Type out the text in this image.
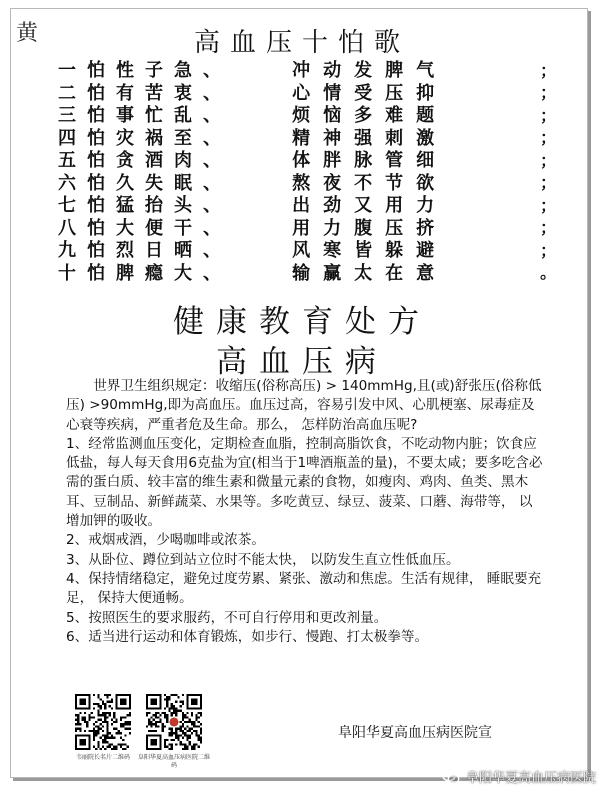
黄	高血压十怕歌
一怕性子急、	冲动发脾气	；
二怕有苦衷、	心情受压抑	；
三怕事忙乱、	烦恼多难题	；
四怕灾祸至、	精神强刺激	；
五怕贪酒肉、	体胖脉管细	；
六怕久失眠、	熬夜不节欲	；
七怕猛抬头、	出劲又用力	；
八怕大便干、	用力腹压挤	；
九怕烈日晒、	风寒皆躲避	；
十怕脾瘾大、	输赢太在意	。
健康教育处方
高血压病

世界卫生组织规定：收缩压(俗称高压) > 140mmHg,且(或)舒张压(俗称低压) >90mmHg,即为高血压。血压过高，容易引发中风、心肌梗塞、尿毒症及心衰等疾病，严重者危及生命。那么， 怎样防治高血压呢?

1、经常监测血压变化，定期检查血脂，控制高脂饮食，不吃动物内脏；饮食应低盐，每人每天食用6克盐为宜(相当于1啤酒瓶盖的量)，不要太咸；要多吃含必需的蛋白质、较丰富的维生素和微量元素的食物，如瘦肉、鸡肉、鱼类、黑木耳、豆制品、新鲜蔬菜、水果等。多吃黄豆、绿豆、菠菜、口蘑、海带等， 以增加钾的吸收。

2、戒烟戒酒，少喝咖啡或浓茶。

3、从卧位、蹲位到站立位时不能太快， 以防发生直立性低血压。

4、保持情绪稳定，避免过度劳累、紧张、激动和焦虑。生活有规律， 睡眠要充足， 保持大便通畅。

5、按照医生的要求服药，不可自行停用和更改剂量。

6、适当进行运动和体育锻炼，如步行、慢跑、打太极拳等。

韦丽院长名片二维码	阜阳华夏高血压病医院二维码
阜阳华夏高血压病医院宣
阜阳华夏高血压病医院
